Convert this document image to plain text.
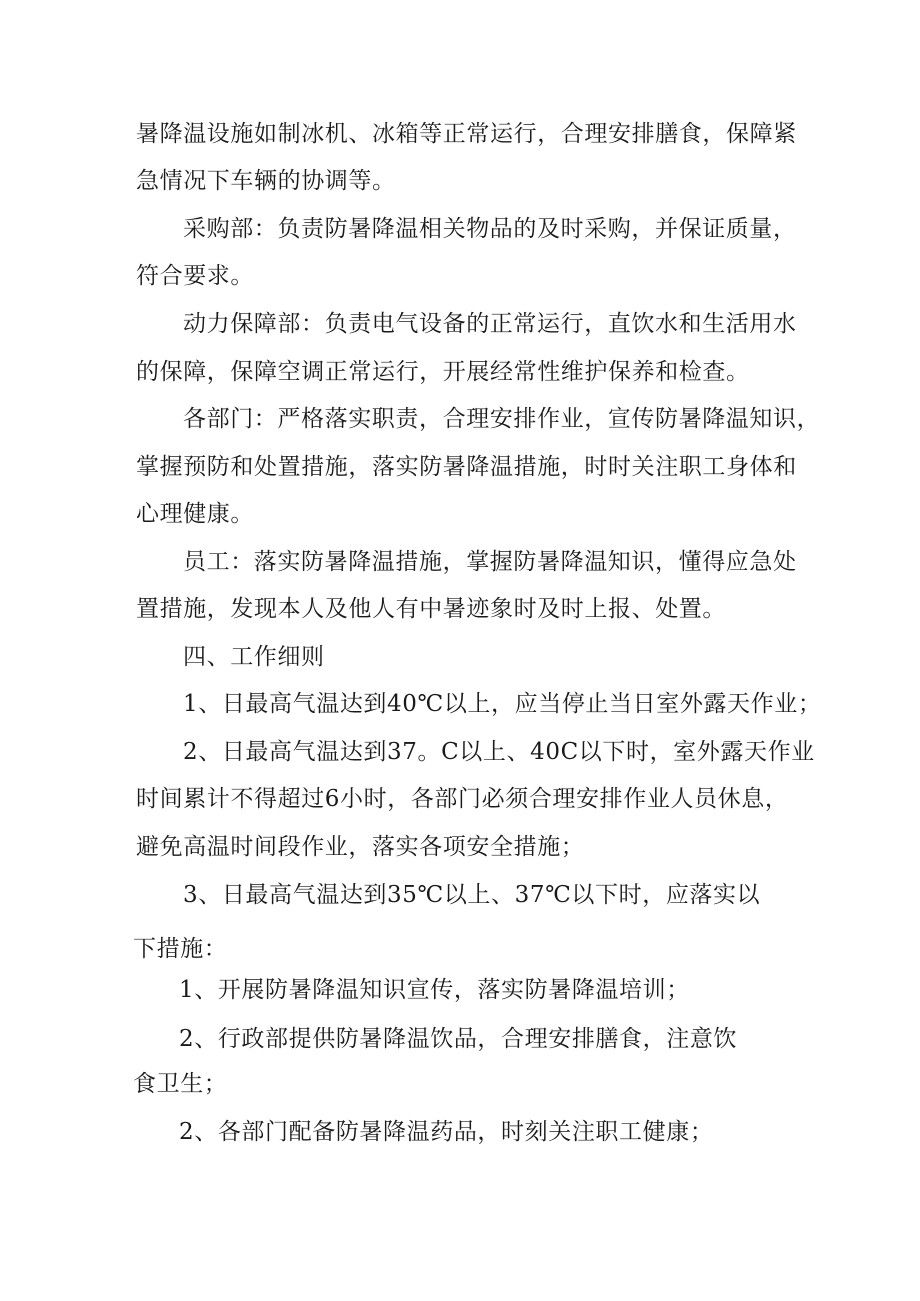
暑降温设施如制冰机、冰箱等正常运行，合理安排膳食，保障紧
急情况下车辆的协调等。
采购部：负责防暑降温相关物品的及时采购，并保证质量，
符合要求。
动力保障部：负责电气设备的正常运行，直饮水和生活用水
的保障，保障空调正常运行，开展经常性维护保养和检查。
各部门：严格落实职责，合理安排作业，宣传防暑降温知识，
掌握预防和处置措施，落实防暑降温措施，时时关注职工身体和
心理健康。
员工：落实防暑降温措施，掌握防暑降温知识，懂得应急处
置措施，发现本人及他人有中暑迹象时及时上报、处置。
四、工作细则
1、日最高气温达到40℃以上，应当停止当日室外露天作业；
2、日最高气温达到37。C以上、40C以下时，室外露天作业
时间累计不得超过6小时，各部门必须合理安排作业人员休息，
避免高温时间段作业，落实各项安全措施；
3、日最高气温达到35℃以上、37℃以下时，应落实以
下措施：
1、开展防暑降温知识宣传，落实防暑降温培训；
2、行政部提供防暑降温饮品，合理安排膳食，注意饮
食卫生；
2、各部门配备防暑降温药品，时刻关注职工健康；
